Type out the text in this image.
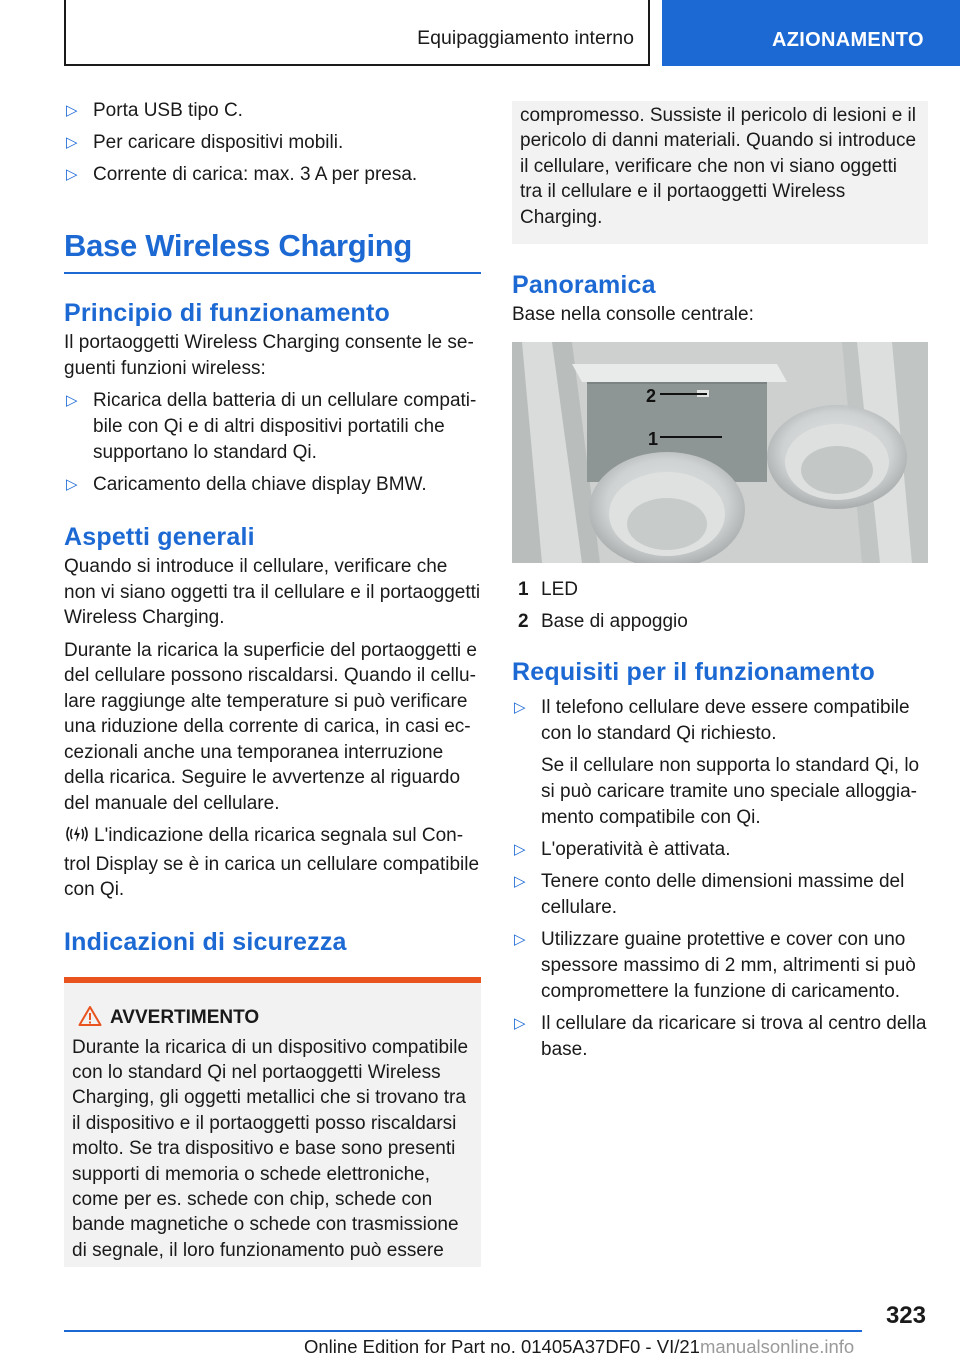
Equipaggiamento interno	AZIONAMENTO
▷ Porta USB tipo C.
▷ Per caricare dispositivi mobili.
▷ Corrente di carica: max. 3 A per presa.
Base Wireless Charging
Principio di funzionamento

Il portaoggetti Wireless Charging consente le seguenti funzioni wireless:

▷ Ricarica della batteria di un cellulare compatibile con Qi e di altri dispositivi portatili che supportano lo standard Qi.
▷ Caricamento della chiave display BMW.
Aspetti generali

Quando si introduce il cellulare, verificare che non vi siano oggetti tra il cellulare e il portaoggetti Wireless Charging.

Durante la ricarica la superficie del portaoggetti e del cellulare possono riscaldarsi. Quando il cellulare raggiunge alte temperature si può verificare una riduzione della corrente di carica, in casi eccezionali anche una temporanea interruzione della ricarica. Seguire le avvertenze al riguardo del manuale del cellulare.

L'indicazione della ricarica segnala sul Control Display se è in carica un cellulare compatibile con Qi.

Indicazioni di sicurezza
AVVERTIMENTO

Durante la ricarica di un dispositivo compatibile con lo standard Qi nel portaoggetti Wireless Charging, gli oggetti metallici che si trovano tra il dispositivo e il portaoggetti posso riscaldarsi molto. Se tra dispositivo e base sono presenti supporti di memoria o schede elettroniche, come per es. schede con chip, schede con bande magnetiche o schede con trasmissione di segnale, il loro funzionamento può essere

compromesso. Sussiste il pericolo di lesioni e il pericolo di danni materiali. Quando si introduce il cellulare, verificare che non vi siano oggetti tra il cellulare e il portaoggetti Wireless Charging.

Panoramica

Base nella consolle centrale:

2
1
1 LED
2 Base di appoggio
Requisiti per il funzionamento
▷ Il telefono cellulare deve essere compatibile con lo standard Qi richiesto.

Se il cellulare non supporta lo standard Qi, lo si può caricare tramite uno speciale alloggiamento compatibile con Qi.

▷ L'operatività è attivata.
▷ Tenere conto delle dimensioni massime del cellulare.
▷ Utilizzare guaine protettive e cover con uno spessore massimo di 2 mm, altrimenti si può compromettere la funzione di caricamento.
▷ Il cellulare da ricaricare si trova al centro della base.
323
Online Edition for Part no. 01405A37DF0 - VI/21manualsonline.info
